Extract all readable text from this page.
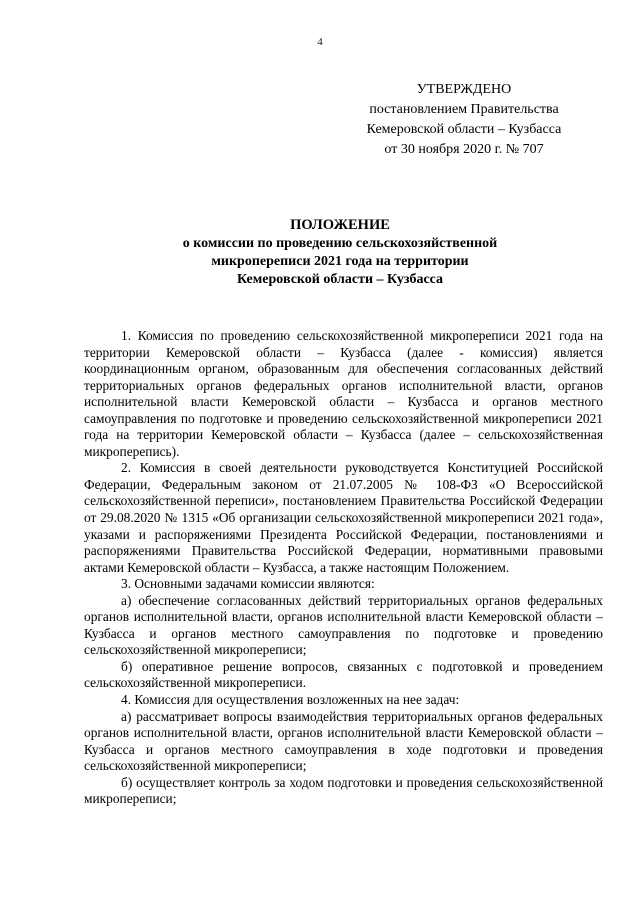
4
УТВЕРЖДЕНО
постановлением Правительства
Кемеровской области – Кузбасса
от 30 ноября 2020 г. № 707
ПОЛОЖЕНИЕ
о комиссии по проведению сельскохозяйственной
микропереписи 2021 года на территории
Кемеровской области – Кузбасса

1. Комиссия по проведению сельскохозяйственной микропереписи 2021 года на территории Кемеровской области – Кузбасса (далее - комиссия) является координационным органом, образованным для обеспечения согласованных действий территориальных органов федеральных органов исполнительной власти, органов исполнительной власти Кемеровской области – Кузбасса и органов местного самоуправления по подготовке и проведению сельскохозяйственной микропереписи 2021 года на территории Кемеровской области – Кузбасса (далее – сельскохозяйственная микроперепись).

2. Комиссия в своей деятельности руководствуется Конституцией Российской Федерации, Федеральным законом от 21.07.2005 № 108-ФЗ «О Всероссийской сельскохозяйственной переписи», постановлением Правительства Российской Федерации от 29.08.2020 № 1315 «Об организации сельскохозяйственной микропереписи 2021 года», указами и распоряжениями Президента Российской Федерации, постановлениями и распоряжениями Правительства Российской Федерации, нормативными правовыми актами Кемеровской области – Кузбасса, а также настоящим Положением.

3. Основными задачами комиссии являются:

а) обеспечение согласованных действий территориальных органов федеральных органов исполнительной власти, органов исполнительной власти Кемеровской области – Кузбасса и органов местного самоуправления по подготовке и проведению сельскохозяйственной микропереписи;

б) оперативное решение вопросов, связанных с подготовкой и проведением сельскохозяйственной микропереписи.

4. Комиссия для осуществления возложенных на нее задач:

а) рассматривает вопросы взаимодействия территориальных органов федеральных органов исполнительной власти, органов исполнительной власти Кемеровской области – Кузбасса и органов местного самоуправления в ходе подготовки и проведения сельскохозяйственной микропереписи;

б) осуществляет контроль за ходом подготовки и проведения сельскохозяйственной микропереписи;
